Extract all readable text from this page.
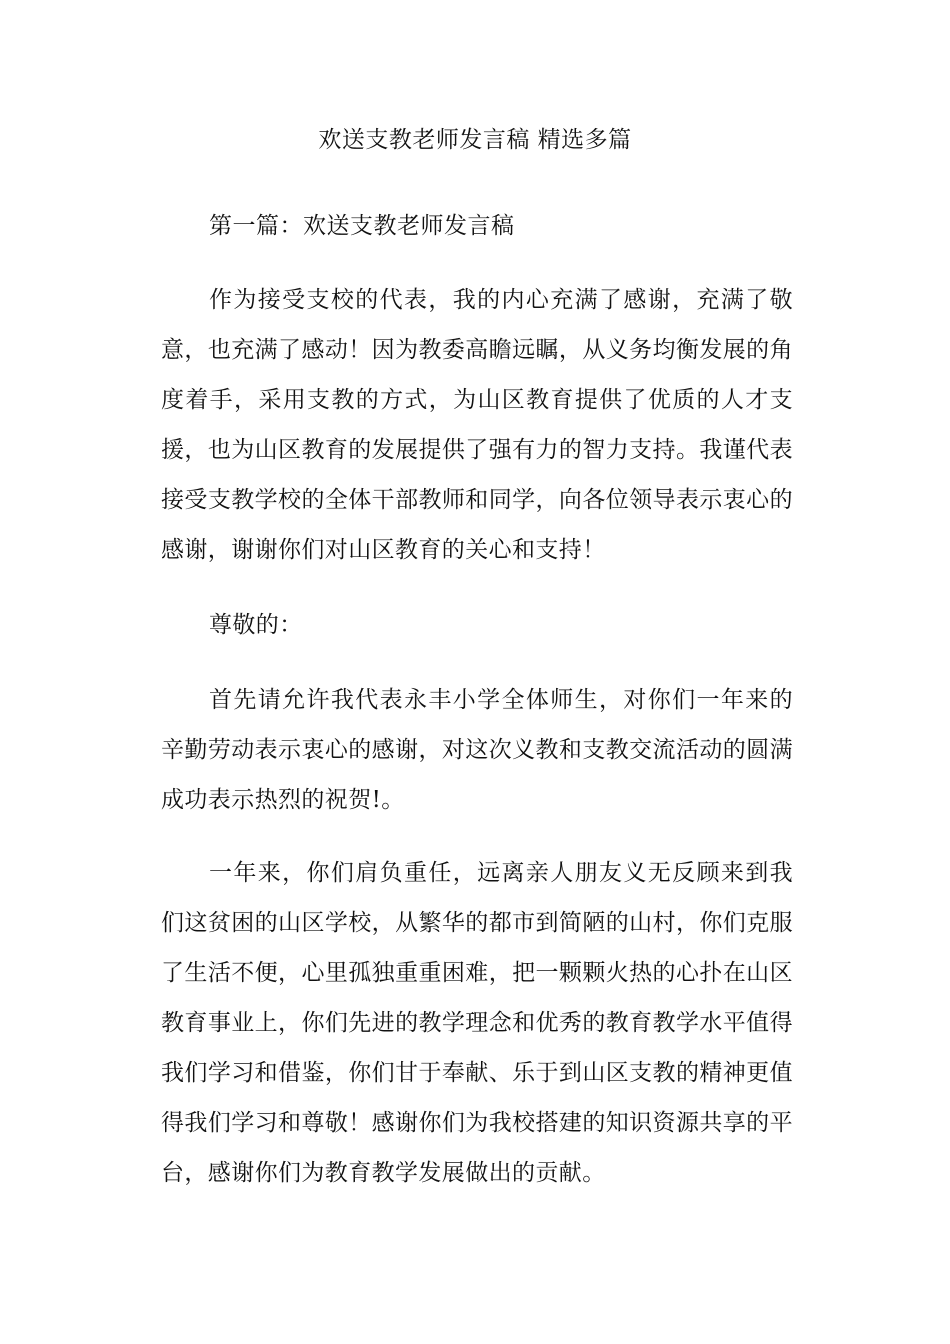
欢送支教老师发言稿 精选多篇
第一篇：欢送支教老师发言稿

作为接受支校的代表，我的内心充满了感谢，充满了敬意，也充满了感动！因为教委高瞻远瞩，从义务均衡发展的角度着手，采用支教的方式，为山区教育提供了优质的人才支援，也为山区教育的发展提供了强有力的智力支持。我谨代表接受支教学校的全体干部教师和同学，向各位领导表示衷心的感谢，谢谢你们对山区教育的关心和支持！

尊敬的：

首先请允许我代表永丰小学全体师生，对你们一年来的辛勤劳动表示衷心的感谢，对这次义教和支教交流活动的圆满成功表示热烈的祝贺!。

一年来，你们肩负重任，远离亲人朋友义无反顾来到我们这贫困的山区学校，从繁华的都市到简陋的山村，你们克服了生活不便，心里孤独重重困难，把一颗颗火热的心扑在山区教育事业上，你们先进的教学理念和优秀的教育教学水平值得我们学习和借鉴，你们甘于奉献、乐于到山区支教的精神更值得我们学习和尊敬！感谢你们为我校搭建的知识资源共享的平台，感谢你们为教育教学发展做出的贡献。
